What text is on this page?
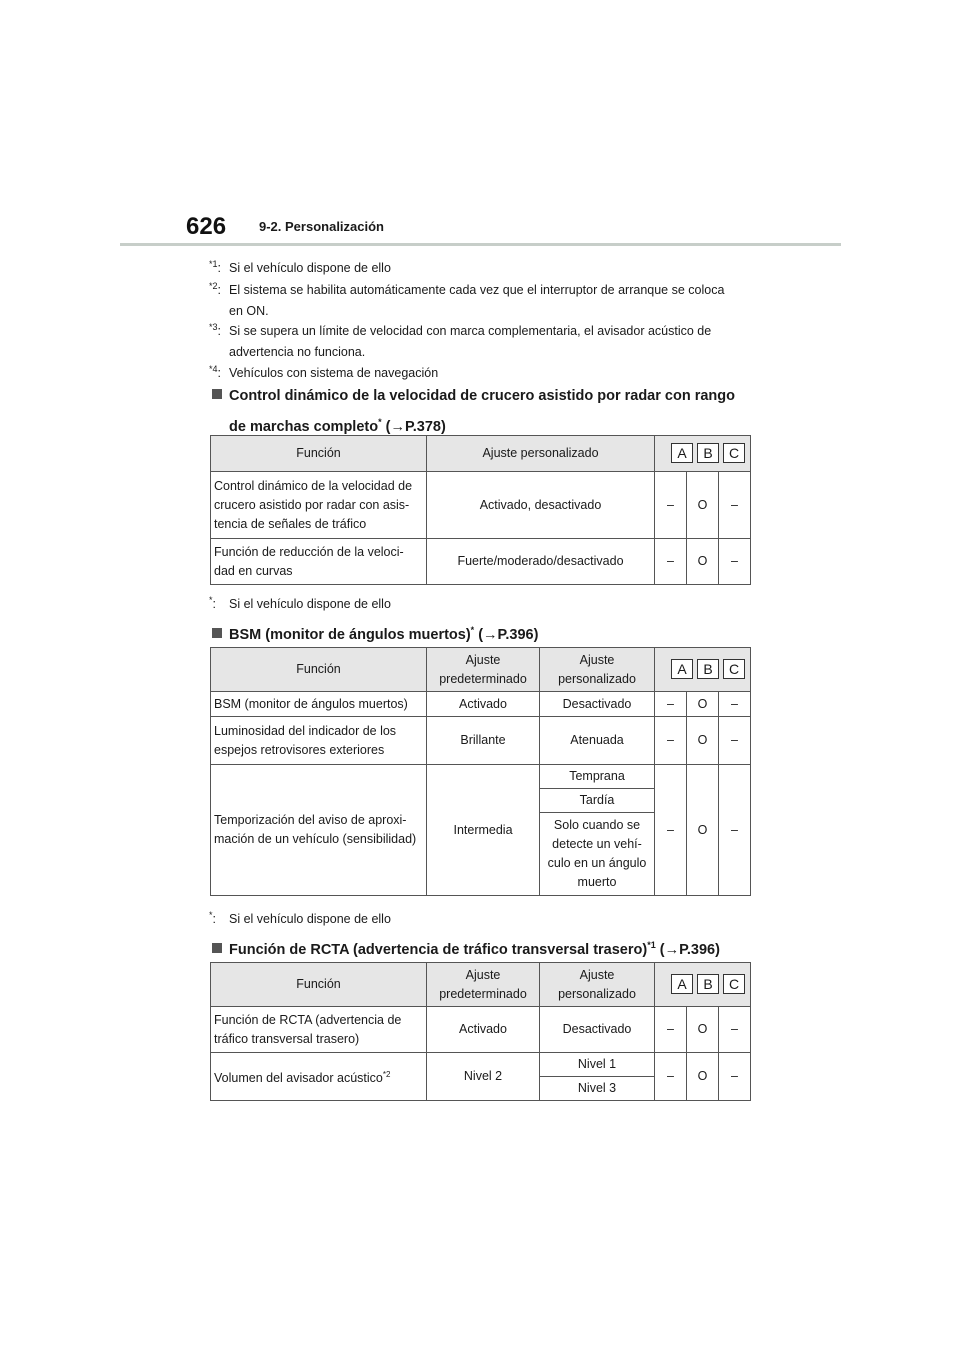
626	9-2. Personalización
$^{*1}$: Si el vehículo dispone de ello
$^{*2}$: El sistema se habilita automáticamente cada vez que el interruptor de arranque se coloca
en ON.
$^{*3}$: Si se supera un límite de velocidad con marca complementaria, el avisador acústico de
advertencia no funciona.
$^{*4}$: Vehículos con sistema de navegación
Control dinámico de la velocidad de crucero asistido por radar con rango
de marchas completo* (→P.378)
Función	Ajuste personalizado	A B C		
Control dinámico de la velocidad de crucero asistido por radar con asis-tencia de señales de tráfico	Activado, desactivado	–	O	–
Función de reducción de la veloci-dad en curvas	Fuerte/moderado/desactivado	–	O	–
*: Si el vehículo dispone de ello
BSM (monitor de ángulos muertos)* (→P.396)
Función	Ajuste predeterminado	Ajuste personalizado	A B C		
BSM (monitor de ángulos muertos)	Activado	Desactivado	–	O	–
Luminosidad del indicador de los espejos retrovisores exteriores	Brillante	Atenuada	–	O	–
Temporización del aviso de aproxi-mación de un vehículo (sensibilidad)	Intermedia	Temprana	–	O	–
		Tardía			
		Solo cuando se detecte un vehí-culo en un ángulo muerto			
*: Si el vehículo dispone de ello
Función de RCTA (advertencia de tráfico transversal trasero)$^{*1}$ (→P.396)
Función	Ajuste predeterminado	Ajuste personalizado	A B C		
Función de RCTA (advertencia de tráfico transversal trasero)	Activado	Desactivado	–	O	–
Volumen del avisador acústico$^{*2}$	Nivel 2	Nivel 1	–	O	–
		Nivel 3			
